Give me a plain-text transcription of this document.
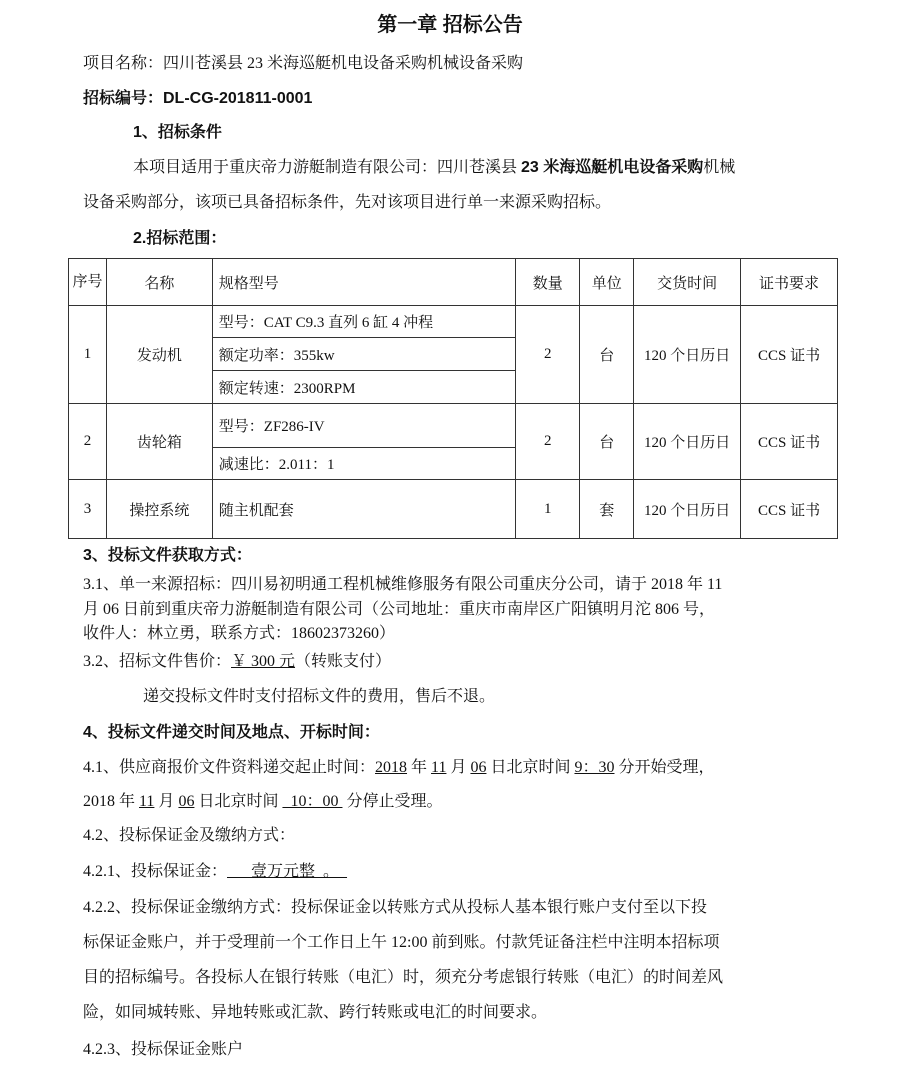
第一章 招标公告
项目名称：四川苍溪县 23 米海巡艇机电设备采购机械设备采购
招标编号：DL-CG-201811-0001
1、招标条件
本项目适用于重庆帝力游艇制造有限公司：四川苍溪县 23 米海巡艇机电设备采购机械
设备采购部分，该项已具备招标条件，先对该项目进行单一来源采购招标。
2.招标范围：
序号	名称	规格型号	数量	单位	交货时间	证书要求
1	发动机	型号：CAT C9.3 直列 6 缸 4 冲程	2	台	120 个日历日	CCS 证书
		额定功率：355kw				
		额定转速：2300RPM				
2	齿轮箱	型号：ZF286-IV	2	台	120 个日历日	CCS 证书
		减速比：2.011：1				
3	操控系统	随主机配套	1	套	120 个日历日	CCS 证书
3、投标文件获取方式：
3.1、单一来源招标：四川易初明通工程机械维修服务有限公司重庆分公司，请于 2018 年 11
月 06 日前到重庆帝力游艇制造有限公司（公司地址：重庆市南岸区广阳镇明月沱 806 号，
收件人：林立勇，联系方式：18602373260）
3.2、招标文件售价：￥ 300 元（转账支付）
递交投标文件时支付招标文件的费用，售后不退。
4、投标文件递交时间及地点、开标时间：
4.1、供应商报价文件资料递交起止时间：2018 年 11 月 06 日北京时间 9：30 分开始受理，
2018 年 11 月 06 日北京时间   10：00  分停止受理。
4.2、投标保证金及缴纳方式：
4.2.1、投标保证金：      壹万元整  。
4.2.2、投标保证金缴纳方式：投标保证金以转账方式从投标人基本银行账户支付至以下投
标保证金账户，并于受理前一个工作日上午 12:00 前到账。付款凭证备注栏中注明本招标项
目的招标编号。各投标人在银行转账（电汇）时，须充分考虑银行转账（电汇）的时间差风
险，如同城转账、异地转账或汇款、跨行转账或电汇的时间要求。
4.2.3、投标保证金账户
